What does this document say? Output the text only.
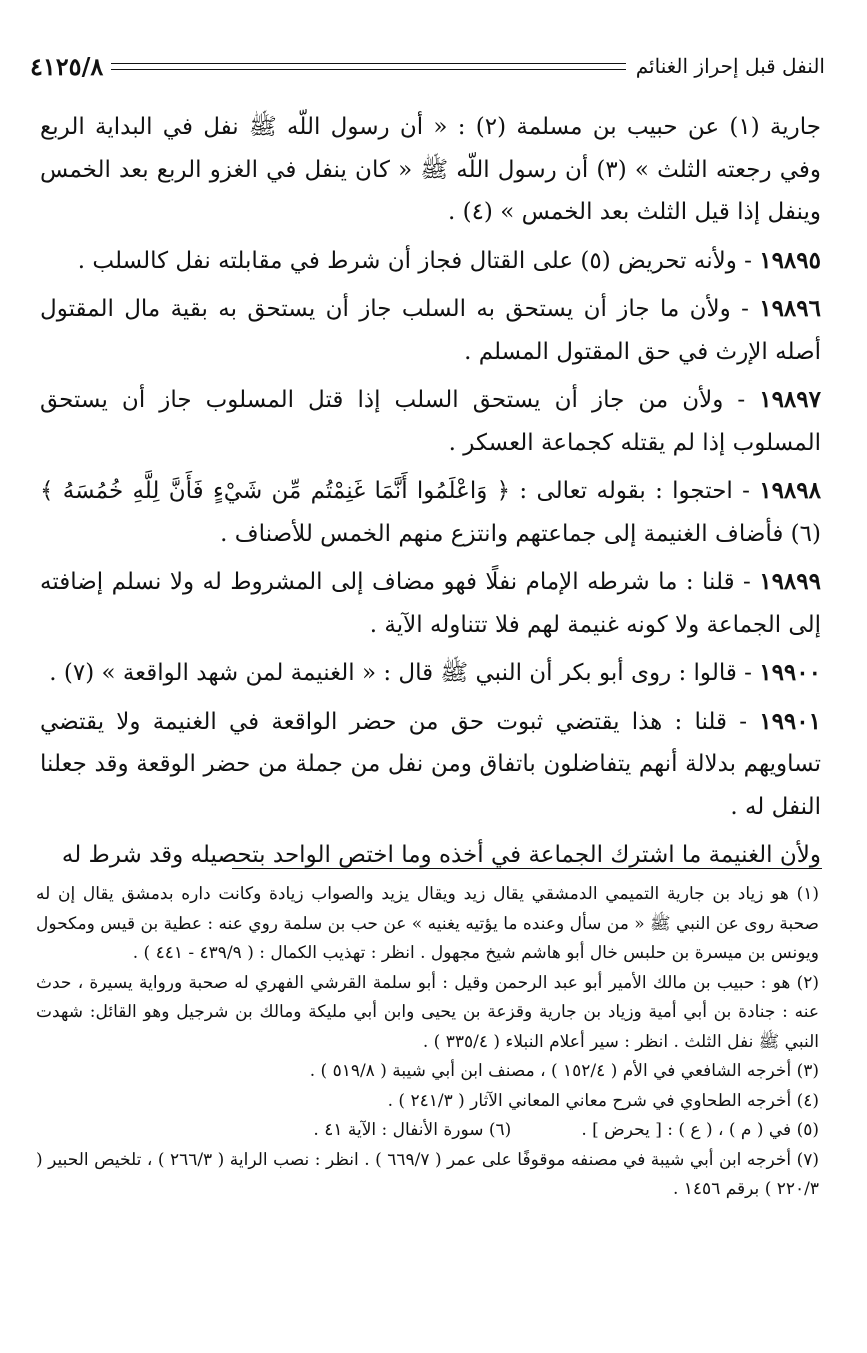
النفل قبل إحراز الغنائم
٤١٢٥/٨

جارية (١) عن حبيب بن مسلمة (٢) : « أن رسول اللّه ﷺ نفل في البداية الربع وفي رجعته الثلث » (٣) أن رسول اللّه ﷺ « كان ينفل في الغزو الربع بعد الخمس وينفل إذا قيل الثلث بعد الخمس » (٤) .

١٩٨٩٥ - ولأنه تحريض (٥) على القتال فجاز أن شرط في مقابلته نفل كالسلب .

١٩٨٩٦ - ولأن ما جاز أن يستحق به السلب جاز أن يستحق به بقية مال المقتول أصله الإرث في حق المقتول المسلم .

١٩٨٩٧ - ولأن من جاز أن يستحق السلب إذا قتل المسلوب جاز أن يستحق المسلوب إذا لم يقتله كجماعة العسكر .

١٩٨٩٨ - احتجوا : بقوله تعالى : ﴿ وَاعْلَمُوا أَنَّمَا غَنِمْتُم مِّن شَيْءٍ فَأَنَّ لِلَّهِ خُمُسَهُ ﴾ (٦) فأضاف الغنيمة إلى جماعتهم وانتزع منهم الخمس للأصناف .

١٩٨٩٩ - قلنا : ما شرطه الإمام نفلًا فهو مضاف إلى المشروط له ولا نسلم إضافته إلى الجماعة ولا كونه غنيمة لهم فلا تتناوله الآية .

١٩٩٠٠ - قالوا : روى أبو بكر أن النبي ﷺ قال : « الغنيمة لمن شهد الواقعة » (٧) .

١٩٩٠١ - قلنا : هذا يقتضي ثبوت حق من حضر الواقعة في الغنيمة ولا يقتضي تساويهم بدلالة أنهم يتفاضلون باتفاق ومن نفل من جملة من حضر الوقعة وقد جعلنا النفل له .

ولأن الغنيمة ما اشترك الجماعة في أخذه وما اختص الواحد بتحصيله وقد شرط له

(١) هو زياد بن جارية التميمي الدمشقي يقال زيد ويقال يزيد والصواب زيادة وكانت داره بدمشق يقال إن له صحبة روى عن النبي ﷺ « من سأل وعنده ما يؤتيه يغنيه » عن حب بن سلمة روي عنه : عطية بن قيس ومكحول ويونس بن ميسرة بن حلبس خال أبو هاشم شيخ مجهول . انظر : تهذيب الكمال : ( ٤٣٩/٩ - ٤٤١ ) .

(٢) هو : حبيب بن مالك الأمير أبو عبد الرحمن وقيل : أبو سلمة القرشي الفهري له صحبة ورواية يسيرة ، حدث عنه : جنادة بن أبي أمية وزياد بن جارية وقزعة بن يحيى وابن أبي مليكة ومالك بن شرجيل وهو القائل: شهدت النبي ﷺ نفل الثلث . انظر : سير أعلام النبلاء ( ٣٣٥/٤ ) .

(٣) أخرجه الشافعي في الأم ( ١٥٢/٤ ) ، مصنف ابن أبي شيبة ( ٥١٩/٨ ) .

(٤) أخرجه الطحاوي في شرح معاني المعاني الآثار ( ٢٤١/٣ ) .

(٥) في ( م ) ، ( ع ) : [ يحرض ] .

(٦) سورة الأنفال : الآية ٤١ .

(٧) أخرجه ابن أبي شيبة في مصنفه موقوفًا على عمر ( ٦٦٩/٧ ) . انظر : نصب الراية ( ٢٦٦/٣ ) ، تلخيص الحبير ( ٢٢٠/٣ ) برقم ١٤٥٦ .
